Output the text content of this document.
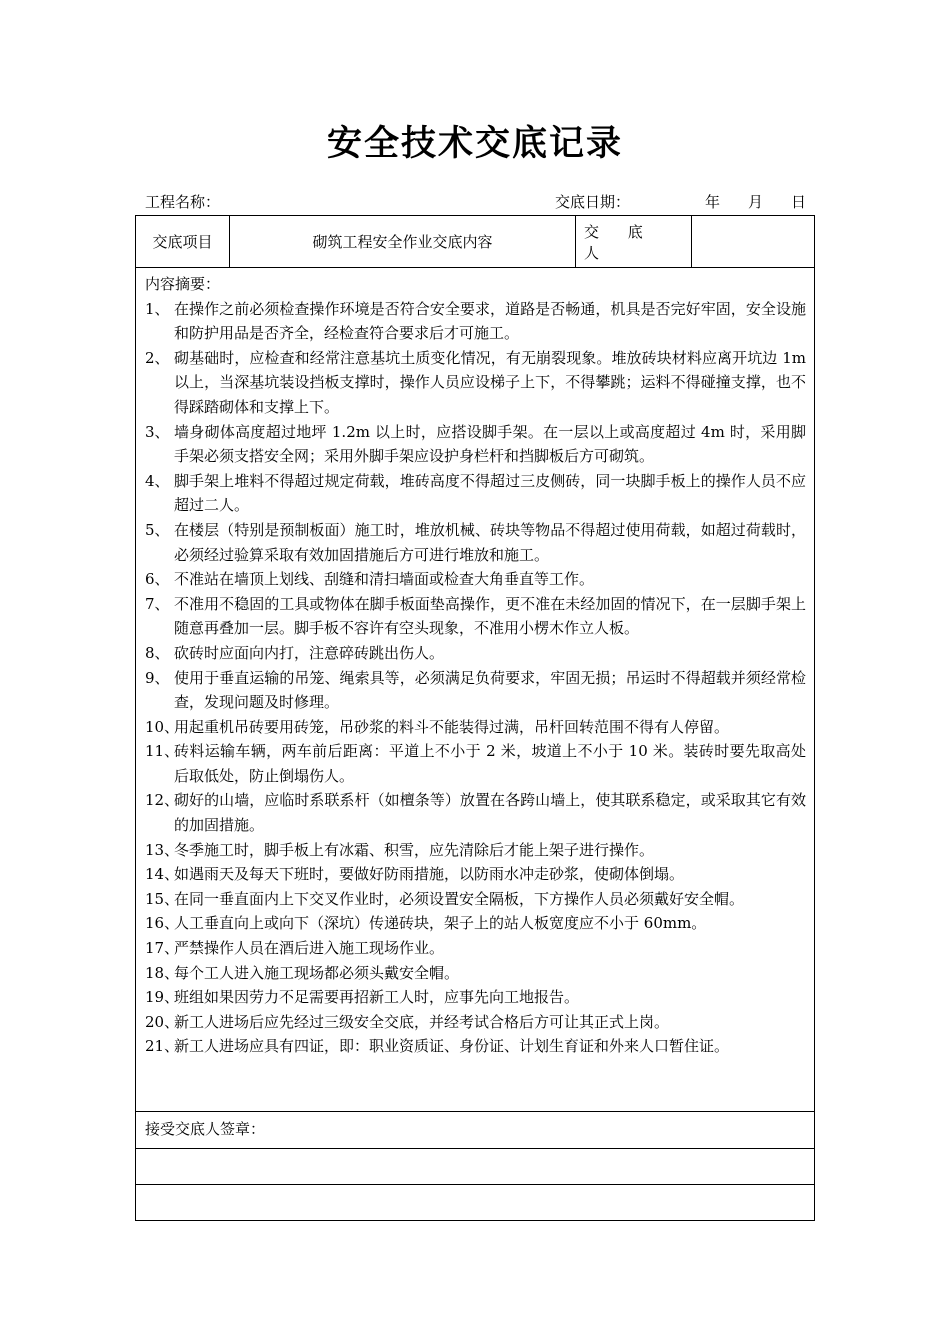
安全技术交底记录
工程名称：	交底日期：	年 月 日
交底项目	砌筑工程安全作业交底内容
交 底 人
内容摘要：
1、 在操作之前必须检查操作环境是否符合安全要求，道路是否畅通，机具是否完好牢固，安全设施和防护用品是否齐全，经检查符合要求后才可施工。
2、 砌基础时，应检查和经常注意基坑土质变化情况，有无崩裂现象。堆放砖块材料应离开坑边 1m 以上，当深基坑装设挡板支撑时，操作人员应设梯子上下，不得攀跳；运料不得碰撞支撑，也不得踩踏砌体和支撑上下。
3、 墙身砌体高度超过地坪 1.2m 以上时，应搭设脚手架。在一层以上或高度超过 4m 时，采用脚手架必须支搭安全网；采用外脚手架应设护身栏杆和挡脚板后方可砌筑。
4、 脚手架上堆料不得超过规定荷载，堆砖高度不得超过三皮侧砖，同一块脚手板上的操作人员不应超过二人。
5、 在楼层（特别是预制板面）施工时，堆放机械、砖块等物品不得超过使用荷载，如超过荷载时，必须经过验算采取有效加固措施后方可进行堆放和施工。
6、 不准站在墙顶上划线、刮缝和清扫墙面或检查大角垂直等工作。
7、 不准用不稳固的工具或物体在脚手板面垫高操作，更不准在未经加固的情况下，在一层脚手架上随意再叠加一层。脚手板不容许有空头现象，不准用小楞木作立人板。
8、 砍砖时应面向内打，注意碎砖跳出伤人。
9、 使用于垂直运输的吊笼、绳索具等，必须满足负荷要求，牢固无损；吊运时不得超载并须经常检查，发现问题及时修理。
10、
用起重机吊砖要用砖笼，吊砂浆的料斗不能装得过满，吊杆回转范围不得有人停留。
11、
砖料运输车辆，两车前后距离：平道上不小于 2 米，坡道上不小于 10 米。装砖时要先取高处后取低处，防止倒塌伤人。
12、
砌好的山墙，应临时系联系杆（如檀条等）放置在各跨山墙上，使其联系稳定，或采取其它有效的加固措施。
13、
冬季施工时，脚手板上有冰霜、积雪，应先清除后才能上架子进行操作。
14、
如遇雨天及每天下班时，要做好防雨措施，以防雨水冲走砂浆，使砌体倒塌。
15、
在同一垂直面内上下交叉作业时，必须设置安全隔板，下方操作人员必须戴好安全帽。
16、
人工垂直向上或向下（深坑）传递砖块，架子上的站人板宽度应不小于 60mm。
17、
严禁操作人员在酒后进入施工现场作业。
18、
每个工人进入施工现场都必须头戴安全帽。
19、
班组如果因劳力不足需要再招新工人时，应事先向工地报告。
20、
新工人进场后应先经过三级安全交底，并经考试合格后方可让其正式上岗。
21、
新工人进场应具有四证，即：职业资质证、身份证、计划生育证和外来人口暂住证。
接受交底人签章：
